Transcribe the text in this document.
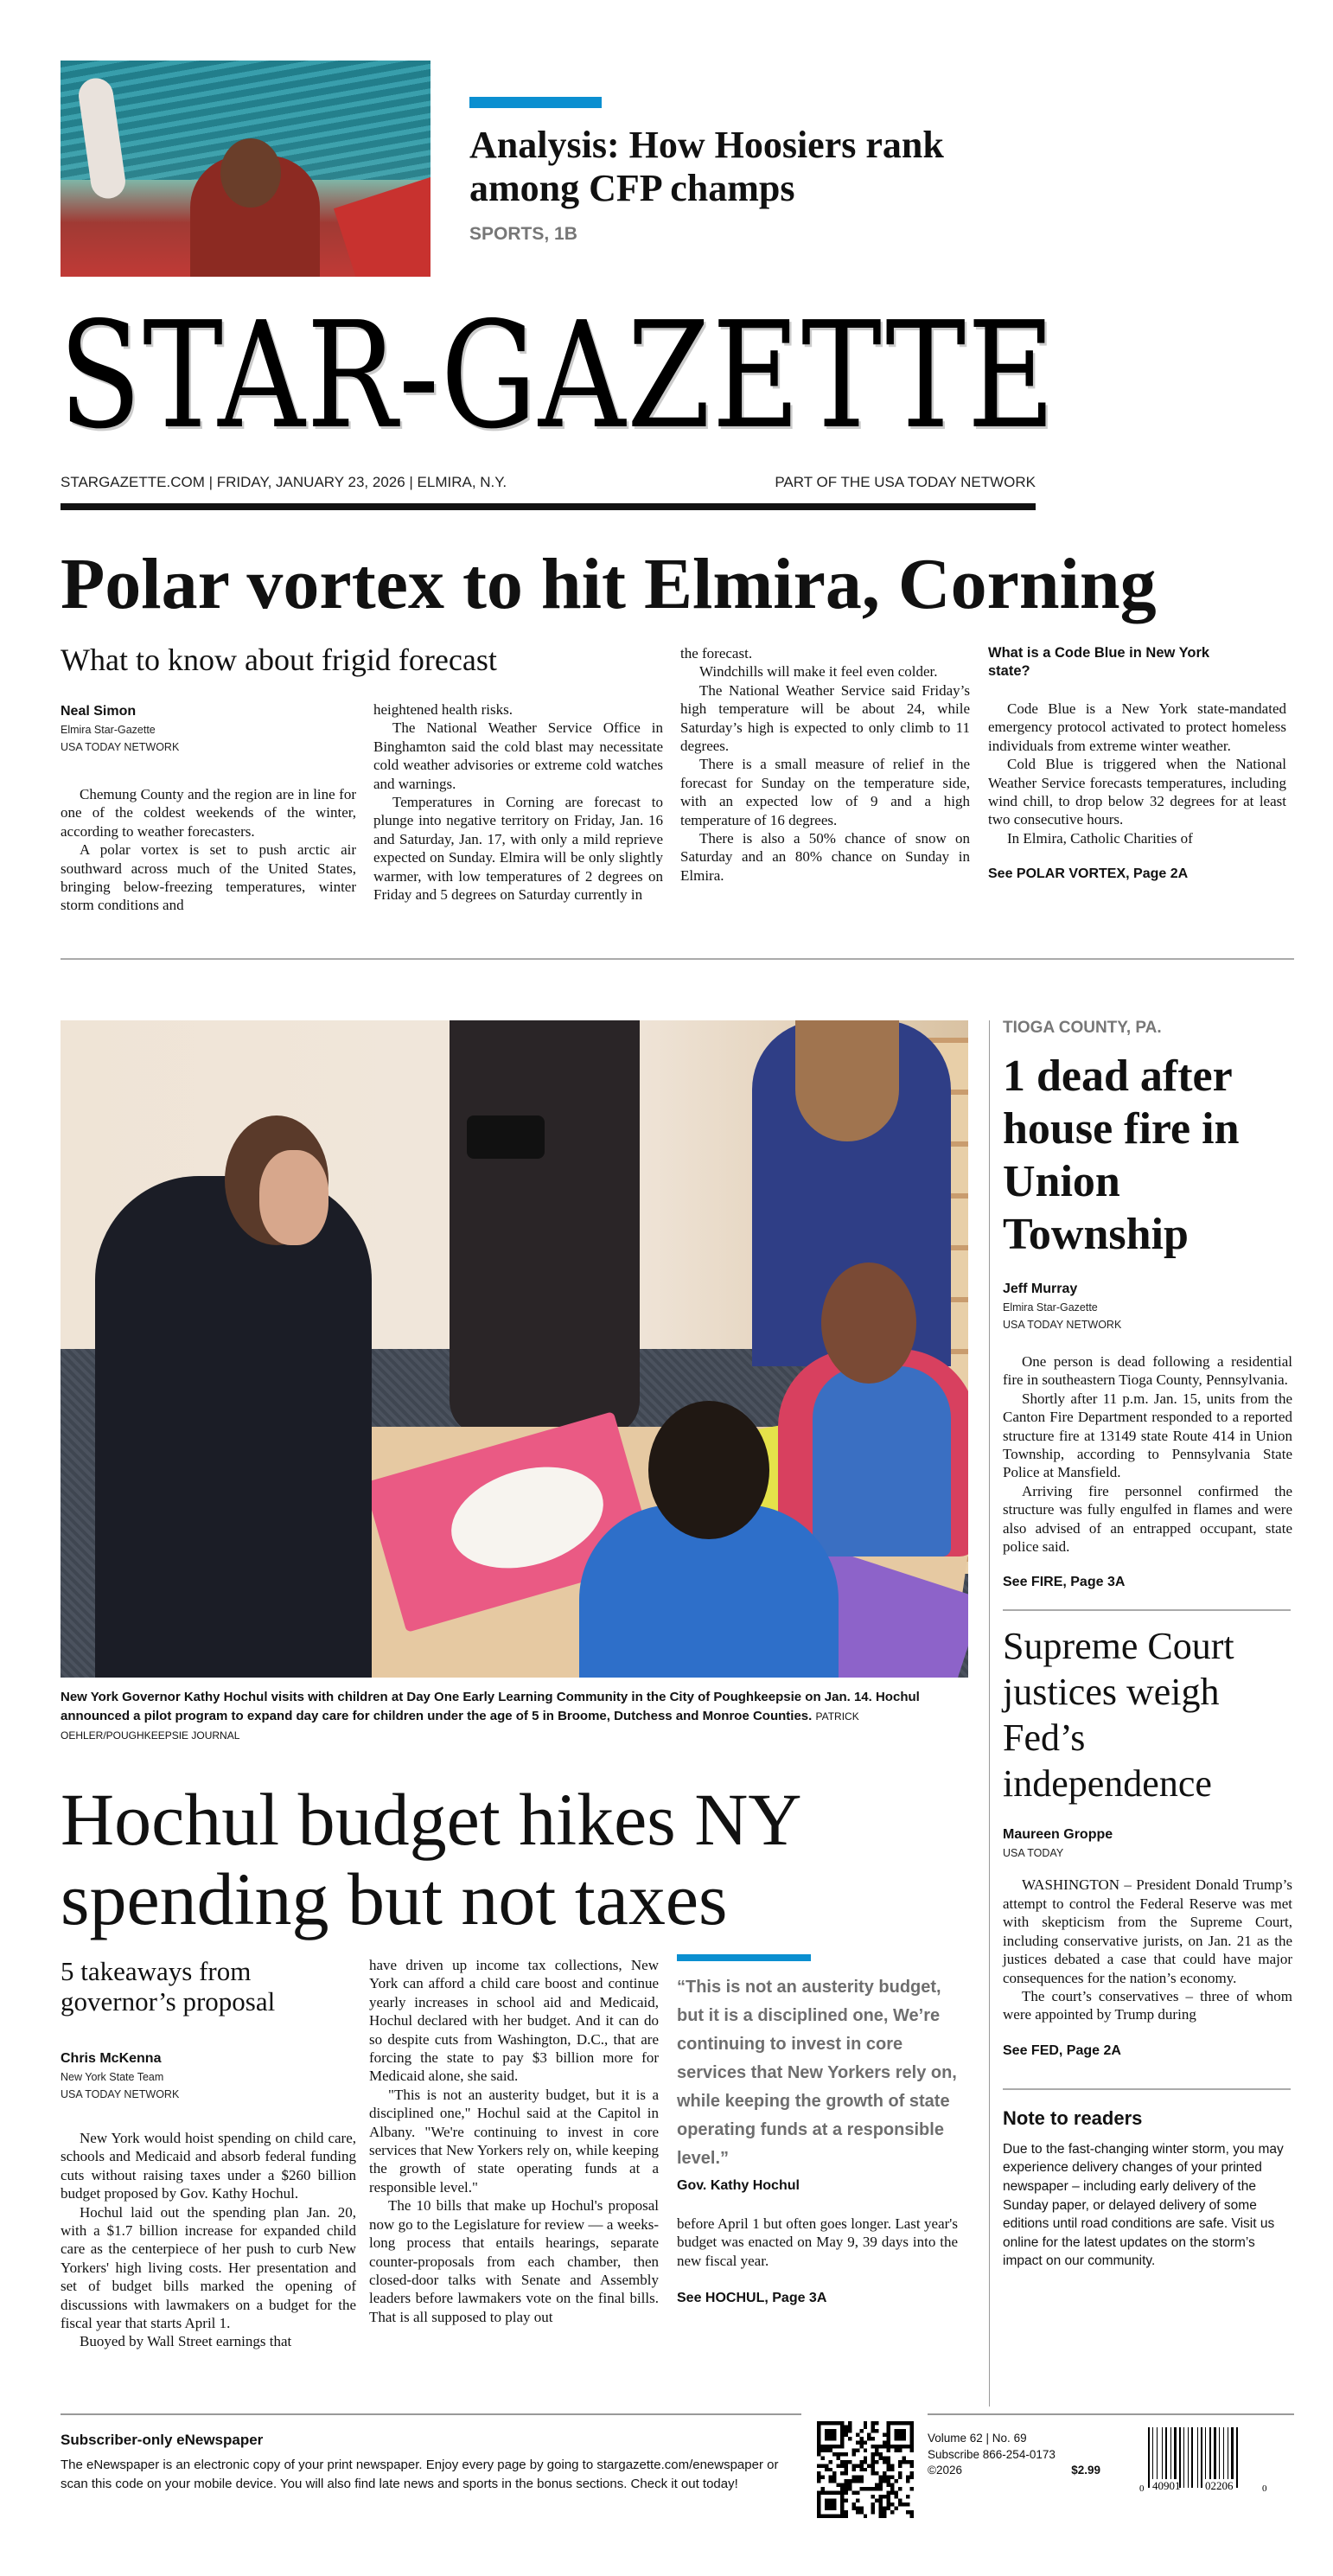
Analysis: How Hoosiers rank among CFP champs
SPORTS, 1B
STAR-GAZETTE
STARGAZETTE.COM | FRIDAY, JANUARY 23, 2026 | ELMIRA, N.Y.	PART OF THE USA TODAY NETWORK
Polar vortex to hit Elmira, Corning
What to know about frigid forecast
Neal Simon
Elmira Star-Gazette
USA TODAY NETWORK

Chemung County and the region are in line for one of the coldest weekends of the winter, according to weather forecasters.

A polar vortex is set to push arctic air southward across much of the United States, bringing below-freezing temperatures, winter storm conditions and

heightened health risks.

The National Weather Service Office in Binghamton said the cold blast may necessitate cold weather advisories or extreme cold watches and warnings.

Temperatures in Corning are forecast to plunge into negative territory on Friday, Jan. 16 and Saturday, Jan. 17, with only a mild reprieve expected on Sunday. Elmira will be only slightly warmer, with low temperatures of 2 degrees on Friday and 5 degrees on Saturday currently in

the forecast.

Windchills will make it feel even colder.

The National Weather Service said Friday’s high temperature will be about 24, while Saturday’s high is expected to only climb to 11 degrees.

There is a small measure of relief in the forecast for Sunday on the temperature side, with an expected low of 9 and a high temperature of 16 degrees.

There is also a 50% chance of snow on Saturday and an 80% chance on Sunday in Elmira.

What is a Code Blue in New York state?

Code Blue is a New York state-mandated emergency protocol activated to protect homeless individuals from extreme winter weather.

Cold Blue is triggered when the National Weather Service forecasts temperatures, including wind chill, to drop below 32 degrees for at least two consecutive hours.

In Elmira, Catholic Charities of

See POLAR VORTEX, Page 2A
New York Governor Kathy Hochul visits with children at Day One Early Learning Community in the City of Poughkeepsie on Jan. 14. Hochul announced a pilot program to expand day care for children under the age of 5 in Broome, Dutchess and Monroe Counties. PATRICK OEHLER/POUGHKEEPSIE JOURNAL
Hochul budget hikes NY
spending but not taxes
5 takeaways from governor’s proposal
Chris McKenna
New York State Team
USA TODAY NETWORK

New York would hoist spending on child care, schools and Medicaid and absorb federal funding cuts without raising taxes under a $260 billion budget proposed by Gov. Kathy Hochul.

Hochul laid out the spending plan Jan. 20, with a $1.7 billion increase for expanded child care as the centerpiece of her push to curb New Yorkers' high living costs. Her presentation and set of budget bills marked the opening of discussions with lawmakers on a budget for the fiscal year that starts April 1.

Buoyed by Wall Street earnings that

have driven up income tax collections, New York can afford a child care boost and continue yearly increases in school aid and Medicaid, Hochul declared with her budget. And it can do so despite cuts from Washington, D.C., that are forcing the state to pay $3 billion more for Medicaid alone, she said.

"This is not an austerity budget, but it is a disciplined one," Hochul said at the Capitol in Albany. "We're continuing to invest in core services that New Yorkers rely on, while keeping the growth of state operating funds at a responsible level."

The 10 bills that make up Hochul's proposal now go to the Legislature for review — a weeks-long process that entails hearings, separate counter-proposals from each chamber, then closed-door talks with Senate and Assembly leaders before lawmakers vote on the final bills. That is all supposed to play out

“This is not an austerity budget, but it is a disciplined one, We’re continuing to invest in core services that New Yorkers rely on, while keeping the growth of state operating funds at a responsible level.”
Gov. Kathy Hochul

before April 1 but often goes longer. Last year's budget was enacted on May 9, 39 days into the new fiscal year.

See HOCHUL, Page 3A
TIOGA COUNTY, PA.
1 dead after house fire in Union Township
Jeff Murray
Elmira Star-Gazette
USA TODAY NETWORK

One person is dead following a residential fire in southeastern Tioga County, Pennsylvania.

Shortly after 11 p.m. Jan. 15, units from the Canton Fire Department responded to a reported structure fire at 13149 state Route 414 in Union Township, according to Pennsylvania State Police at Mansfield.

Arriving fire personnel confirmed the structure was fully engulfed in flames and were also advised of an entrapped occupant, state police said.

See FIRE, Page 3A
Supreme Court justices weigh Fed’s independence
Maureen Groppe
USA TODAY

WASHINGTON – President Donald Trump’s attempt to control the Federal Reserve was met with skepticism from the Supreme Court, including conservative jurists, on Jan. 21 as the justices debated a case that could have major consequences for the nation’s economy.

The court’s conservatives – three of whom were appointed by Trump during

See FED, Page 2A
Note to readers
Due to the fast-changing winter storm, you may experience delivery changes of your printed newspaper – including early delivery of the Sunday paper, or delayed delivery of some editions until road conditions are safe. Visit us online for the latest updates on the storm’s impact on our community.
Subscriber-only eNewspaper
The eNewspaper is an electronic copy of your print newspaper. Enjoy every page by going to stargazette.com/enewspaper or scan this code on your mobile device. You will also find late news and sports in the bonus sections. Check it out today!
Volume 62 | No. 69
Subscribe 866-254-0173
©2026	$2.99
0 40901 02206	0
